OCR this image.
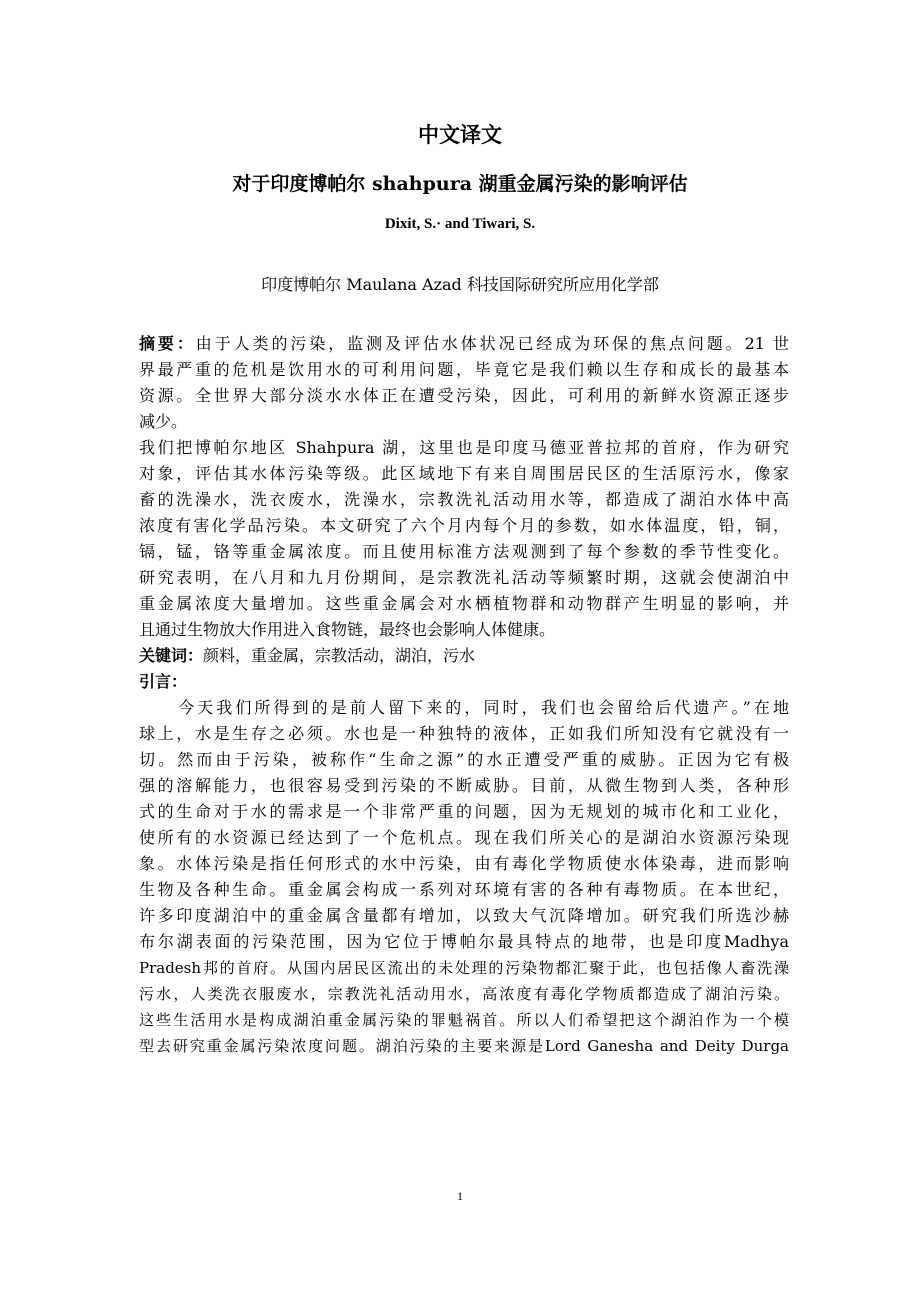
中文译文
对于印度博帕尔 shahpura 湖重金属污染的影响评估
Dixit, S.· and Tiwari, S.
印度博帕尔 Maulana Azad 科技国际研究所应用化学部
摘要：由于人类的污染，监测及评估水体状况已经成为环保的焦点问题。21 世
界最严重的危机是饮用水的可利用问题，毕竟它是我们赖以生存和成长的最基本
资源。全世界大部分淡水水体正在遭受污染，因此，可利用的新鲜水资源正逐步
减少。
我们把博帕尔地区 Shahpura 湖，这里也是印度马德亚普拉邦的首府，作为研究
对象，评估其水体污染等级。此区域地下有来自周围居民区的生活原污水，像家
畜的洗澡水，洗衣废水，洗澡水，宗教洗礼活动用水等，都造成了湖泊水体中高
浓度有害化学品污染。本文研究了六个月内每个月的参数，如水体温度，铅，铜，
镉，锰，铬等重金属浓度。而且使用标准方法观测到了每个参数的季节性变化。
研究表明，在八月和九月份期间，是宗教洗礼活动等频繁时期，这就会使湖泊中
重金属浓度大量增加。这些重金属会对水栖植物群和动物群产生明显的影响，并
且通过生物放大作用进入食物链，最终也会影响人体健康。
关键词：颜料，重金属，宗教活动，湖泊，污水
引言：
今天我们所得到的是前人留下来的，同时，我们也会留给后代遗产。”在地
球上，水是生存之必须。水也是一种独特的液体，正如我们所知没有它就没有一
切。然而由于污染，被称作“生命之源”的水正遭受严重的威胁。正因为它有极
强的溶解能力，也很容易受到污染的不断威胁。目前，从微生物到人类，各种形
式的生命对于水的需求是一个非常严重的问题，因为无规划的城市化和工业化，
使所有的水资源已经达到了一个危机点。现在我们所关心的是湖泊水资源污染现
象。水体污染是指任何形式的水中污染，由有毒化学物质使水体染毒，进而影响
生物及各种生命。重金属会构成一系列对环境有害的各种有毒物质。在本世纪，
许多印度湖泊中的重金属含量都有增加，以致大气沉降增加。研究我们所选沙赫
布尔湖表面的污染范围，因为它位于博帕尔最具特点的地带，也是印度Madhya
Pradesh邦的首府。从国内居民区流出的未处理的污染物都汇聚于此，也包括像人畜洗澡
污水，人类洗衣服废水，宗教洗礼活动用水，高浓度有毒化学物质都造成了湖泊污染。
这些生活用水是构成湖泊重金属污染的罪魁祸首。所以人们希望把这个湖泊作为一个模
型去研究重金属污染浓度问题。湖泊污染的主要来源是Lord Ganesha and Deity Durga
1
